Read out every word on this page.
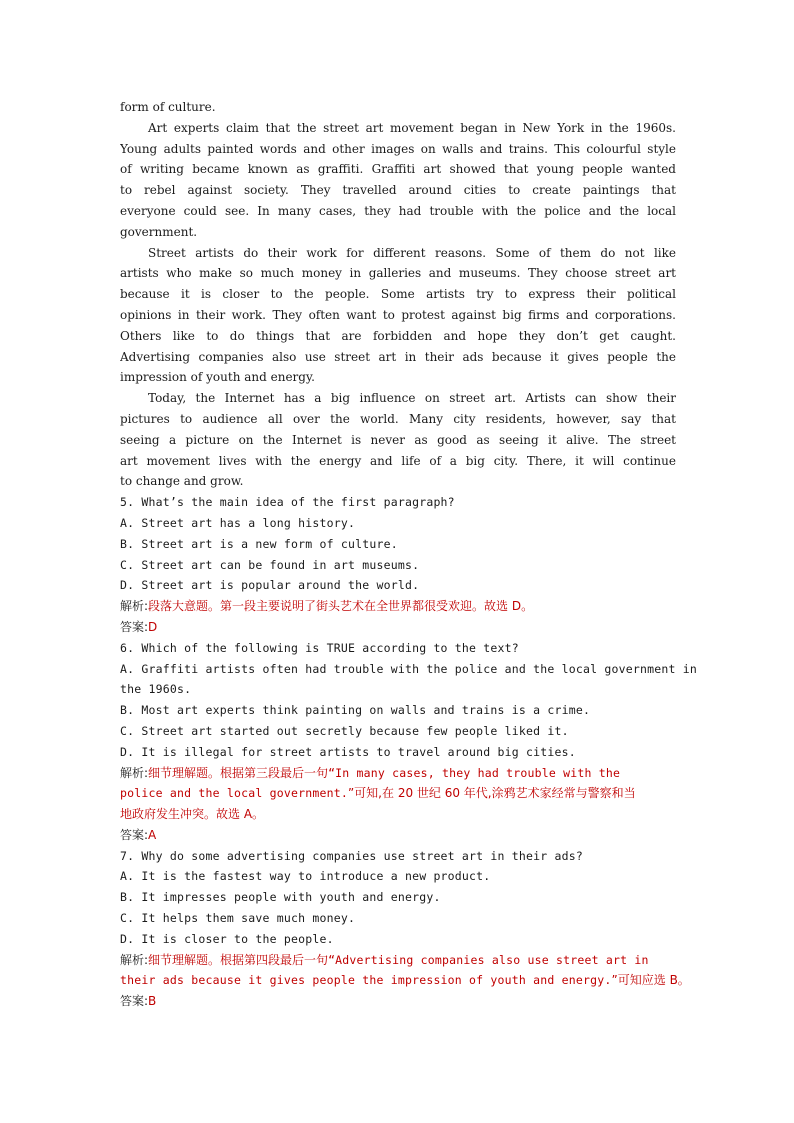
form of culture.
Art experts claim that the street art movement began in New York in the 1960s.
Young adults painted words and other images on walls and trains. This colourful style
of writing became known as graffiti. Graffiti art showed that young people wanted
to rebel against society. They travelled around cities to create paintings that
everyone could see. In many cases, they had trouble with the police and the local
government.
Street artists do their work for different reasons. Some of them do not like
artists who make so much money in galleries and museums. They choose street art
because it is closer to the people. Some artists try to express their political
opinions in their work. They often want to protest against big firms and corporations.
Others like to do things that are forbidden and hope they don’t get caught.
Advertising companies also use street art in their ads because it gives people the
impression of youth and energy.
Today, the Internet has a big influence on street art. Artists can show their
pictures to audience all over the world. Many city residents, however, say that
seeing a picture on the Internet is never as good as seeing it alive. The street
art movement lives with the energy and life of a big city. There, it will continue
to change and grow.
5. What’s the main idea of the first paragraph?
A. Street art has a long history.
B. Street art is a new form of culture.
C. Street art can be found in art museums.
D. Street art is popular around the world.
解析:段落大意题。第一段主要说明了街头艺术在全世界都很受欢迎。故选 D。
答案:D
6. Which of the following is TRUE according to the text?
A. Graffiti artists often had trouble with the police and the local government in
the 1960s.
B. Most art experts think painting on walls and trains is a crime.
C. Street art started out secretly because few people liked it.
D. It is illegal for street artists to travel around big cities.
解析:细节理解题。根据第三段最后一句“In many cases, they had trouble with the
police and the local government.”可知,在 20 世纪 60 年代,涂鸦艺术家经常与警察和当
地政府发生冲突。故选 A。
答案:A
7. Why do some advertising companies use street art in their ads?
A. It is the fastest way to introduce a new product.
B. It impresses people with youth and energy.
C. It helps them save much money.
D. It is closer to the people.
解析:细节理解题。根据第四段最后一句“Advertising companies also use street art in
their ads because it gives people the impression of youth and energy.”可知应选 B。
答案:B
